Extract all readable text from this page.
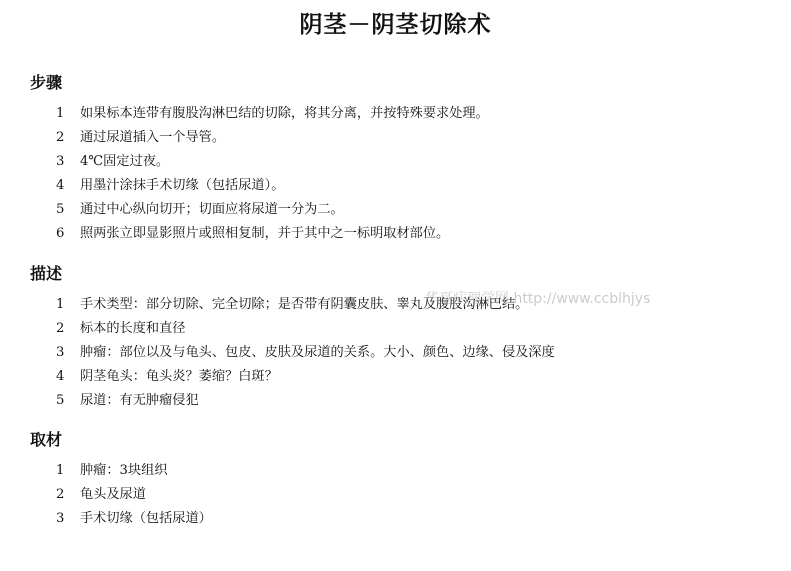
阴茎－阴茎切除术
步骤
1 如果标本连带有腹股沟淋巴结的切除，将其分离，并按特殊要求处理。
2 通过尿道插入一个导管。
3 4℃固定过夜。
4 用墨汁涂抹手术切缘（包括尿道）。
5 通过中心纵向切开；切面应将尿道一分为二。
6 照两张立即显影照片或照相复制，并于其中之一标明取材部位。
描述
1 手术类型：部分切除、完全切除；是否带有阴囊皮肤、睾丸及腹股沟淋巴结。
2 标本的长度和直径
3 肿瘤：部位以及与龟头、包皮、皮肤及尿道的关系。大小、颜色、边缘、侵及深度
4 阴茎龟头：龟头炎？萎缩？白斑？
5 尿道：有无肿瘤侵犯
取材
1 肿瘤：3块组织
2 龟头及尿道
3 手术切缘（包括尿道）
华夏病理学网 http://www.ccblhjys
